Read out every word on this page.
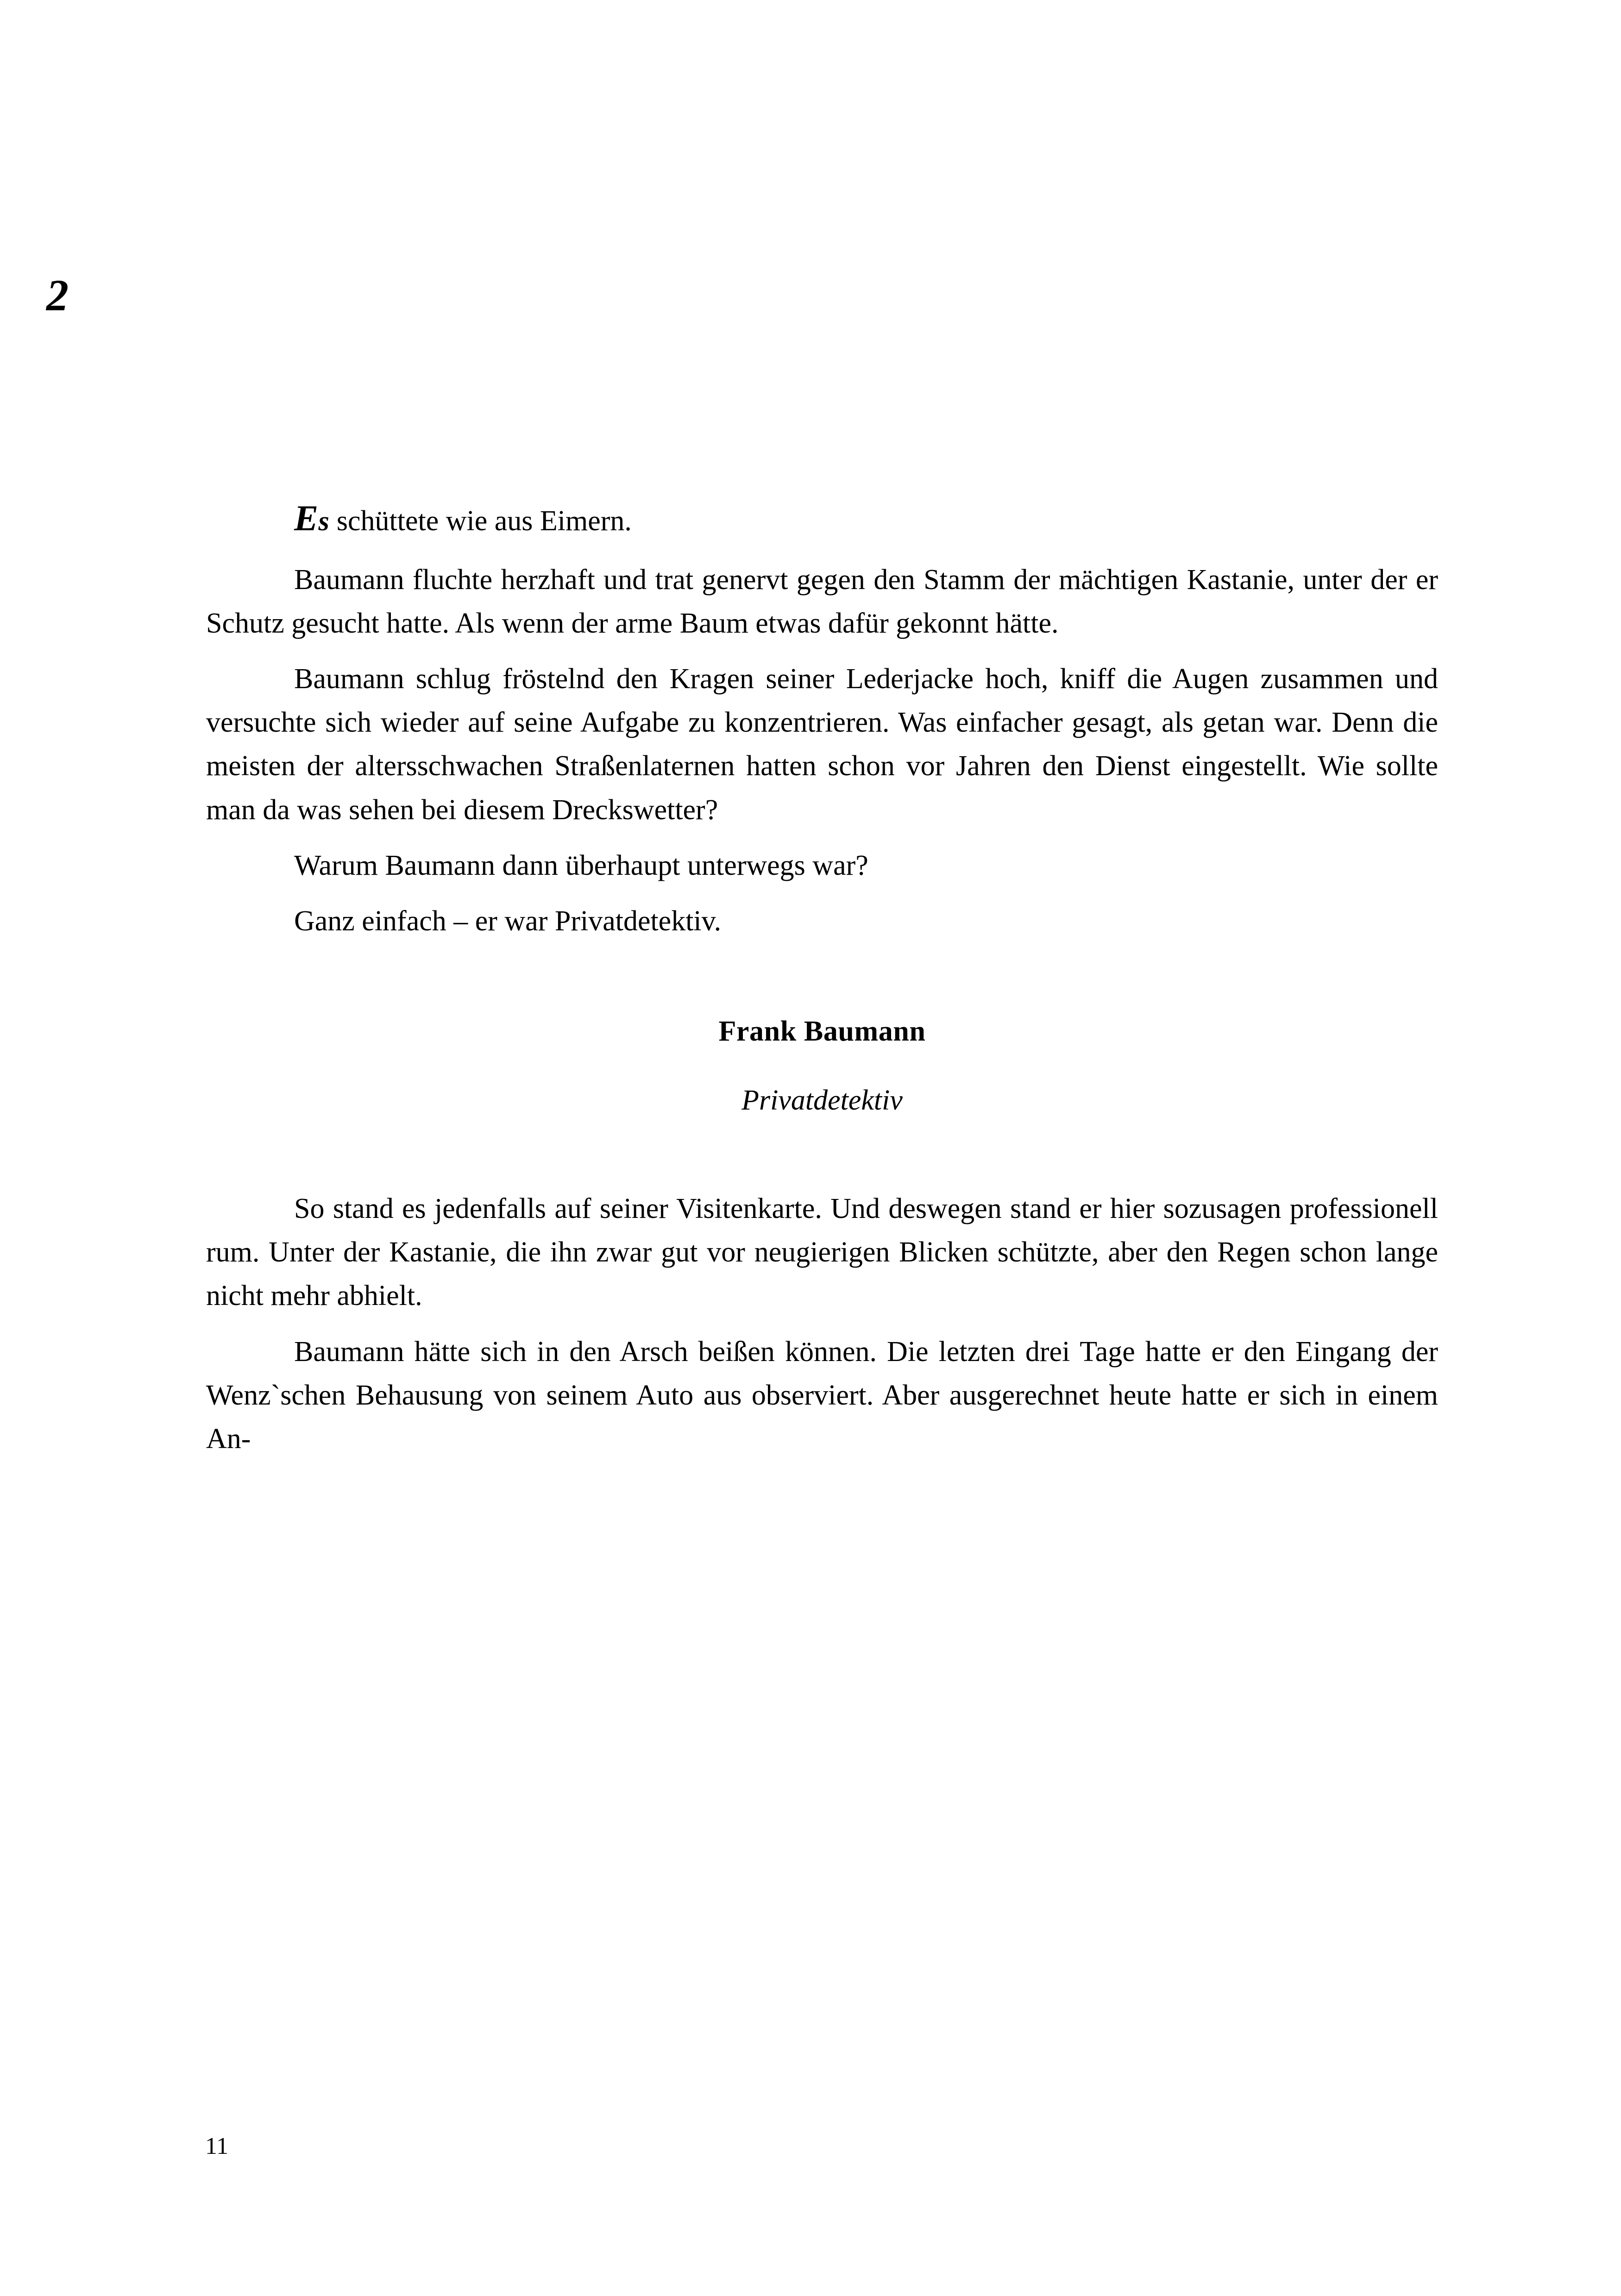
2

Es schüttete wie aus Eimern.

Baumann fluchte herzhaft und trat genervt gegen den Stamm der mächtigen Kastanie, unter der er Schutz gesucht hatte. Als wenn der arme Baum etwas dafür gekonnt hätte.

Baumann schlug fröstelnd den Kragen seiner Lederjacke hoch, kniff die Augen zusammen und versuchte sich wieder auf seine Aufgabe zu konzentrieren. Was einfacher gesagt, als getan war. Denn die meisten der altersschwachen Straßenlaternen hatten schon vor Jahren den Dienst eingestellt. Wie sollte man da was sehen bei diesem Dreckswetter?

Warum Baumann dann überhaupt unterwegs war?

Ganz einfach – er war Privatdetektiv.

Frank Baumann
Privatdetektiv

So stand es jedenfalls auf seiner Visitenkarte. Und deswegen stand er hier sozusagen professionell rum. Unter der Kastanie, die ihn zwar gut vor neugierigen Blicken schützte, aber den Regen schon lange nicht mehr abhielt.

Baumann hätte sich in den Arsch beißen können. Die letzten drei Tage hatte er den Eingang der Wenz`schen Behausung von seinem Auto aus observiert. Aber ausgerechnet heute hatte er sich in einem An-

11
